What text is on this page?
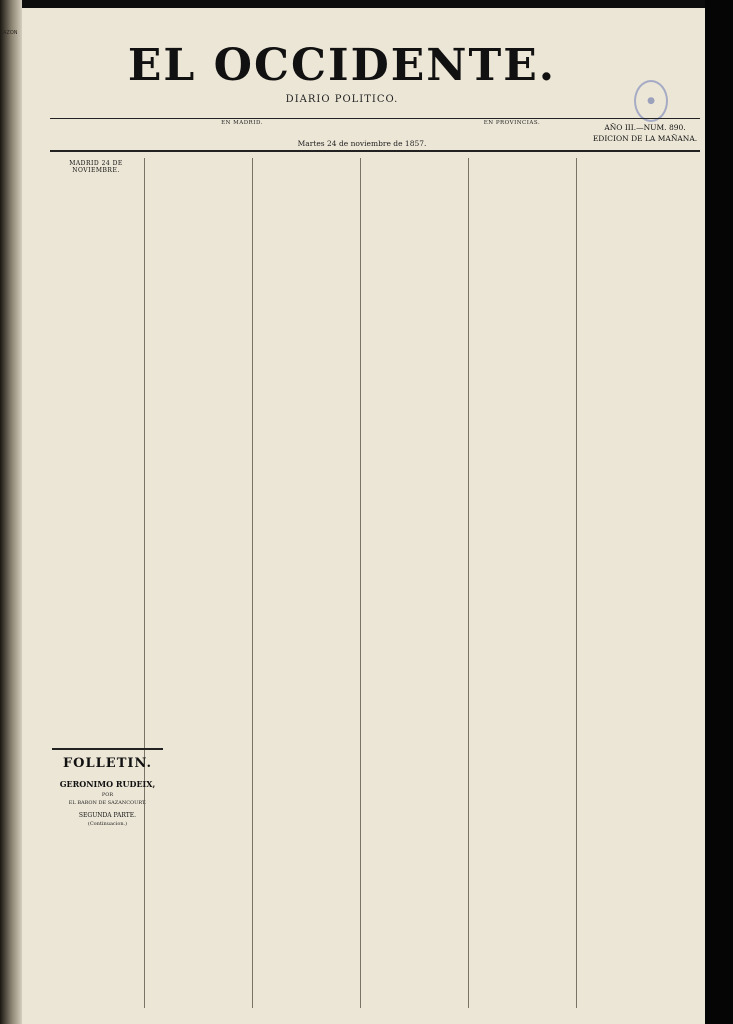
AZON
EL OCCIDENTE.
DIARIO POLITICO.	●
EN MADRID.	EN PROVINCIAS.
Martes 24 de noviembre de 1857.
AÑO III.—NUM. 890.
EDICION DE LA MAÑANA.
MADRID 24 DE NOVIEMBRE.
FOLLETIN.
GERONIMO RUDEIX,
POR
EL BARON DE SAZANCOURT.
SEGUNDA PARTE.
(Continuacion.)
